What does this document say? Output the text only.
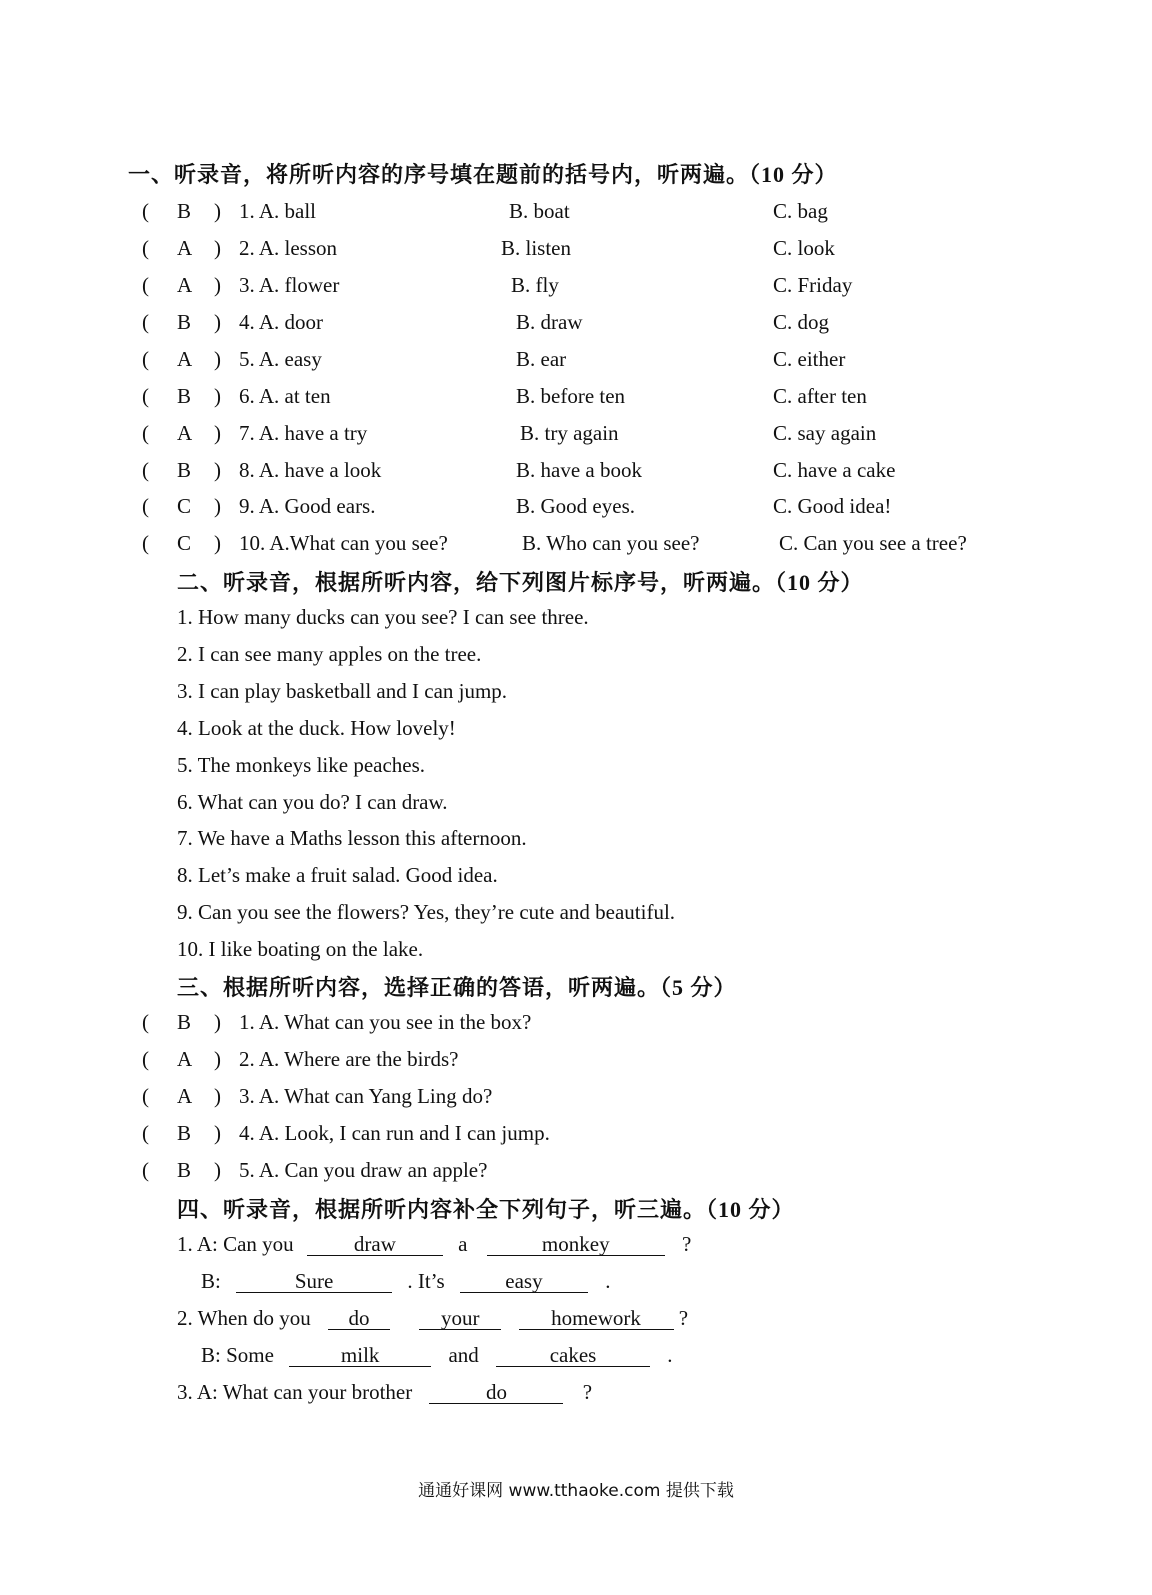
一、听录音，将所听内容的序号填在题前的括号内，听两遍。（10 分）
( B ) 1. A. ball	B. boat	C. bag
( A ) 2. A. lesson	B. listen	C. look
( A ) 3. A. flower	B. fly	C. Friday
( B ) 4. A. door	B. draw	C. dog
( A ) 5. A. easy	B. ear	C. either
( B ) 6. A. at ten	B. before ten	C. after ten
( A ) 7. A. have a try	B. try again	C. say again
( B ) 8. A. have a look	B. have a book	C. have a cake
( C ) 9. A. Good ears.	B. Good eyes.	C. Good idea!
( C ) 10. A.What can you see?	B. Who can you see?	C. Can you see a tree?
二、听录音，根据所听内容，给下列图片标序号，听两遍。（10 分）
1. How many ducks can you see? I can see three.
2. I can see many apples on the tree.
3. I can play basketball and I can jump.
4. Look at the duck. How lovely!
5. The monkeys like peaches.
6. What can you do? I can draw.
7. We have a Maths lesson this afternoon.
8. Let’s make a fruit salad. Good idea.
9. Can you see the flowers? Yes, they’re cute and beautiful.
10. I like boating on the lake.
三、根据所听内容，选择正确的答语，听两遍。（5 分）
( B ) 1. A. What can you see in the box?
( A ) 2. A. Where are the birds?
( A ) 3. A. What can Yang Ling do?
( B ) 4. A. Look, I can run and I can jump.
( B ) 5. A. Can you draw an apple?
四、听录音，根据所听内容补全下列句子，听三遍。（10 分）
1. A: Can you	draw	a	monkey	?
B:	Sure	. It’s	easy	.
2. When do you do	your	homework ?
B: Some	milk	and	cakes	.
3. A: What can your brother	do	?
通通好课网 www.tthaoke.com 提供下载
